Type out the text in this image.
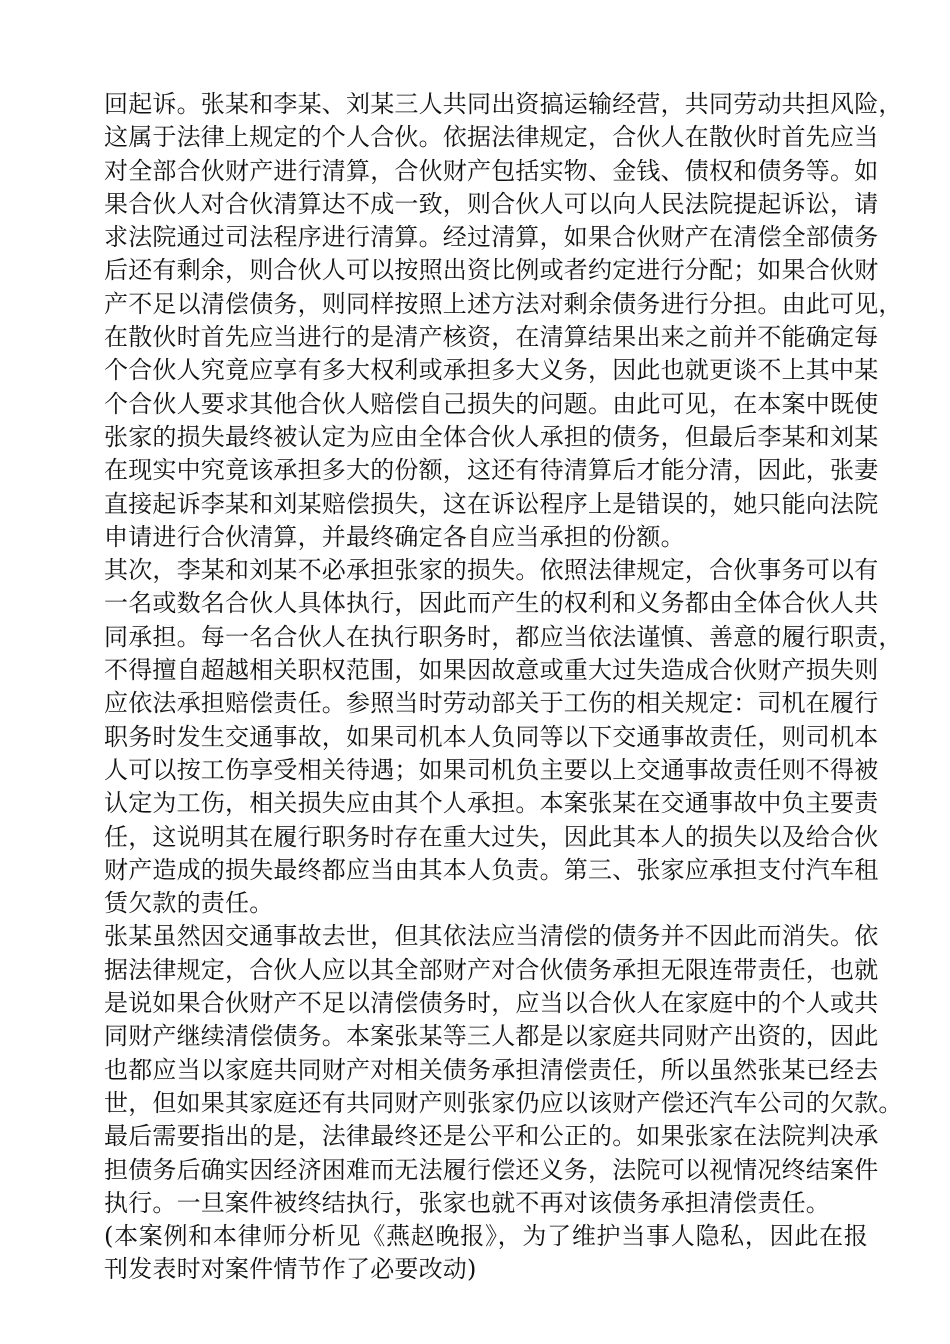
回起诉。张某和李某、刘某三人共同出资搞运输经营，共同劳动共担风险，
这属于法律上规定的个人合伙。依据法律规定，合伙人在散伙时首先应当
对全部合伙财产进行清算，合伙财产包括实物、金钱、债权和债务等。如
果合伙人对合伙清算达不成一致，则合伙人可以向人民法院提起诉讼，请
求法院通过司法程序进行清算。经过清算，如果合伙财产在清偿全部债务
后还有剩余，则合伙人可以按照出资比例或者约定进行分配；如果合伙财
产不足以清偿债务，则同样按照上述方法对剩余债务进行分担。由此可见，
在散伙时首先应当进行的是清产核资，在清算结果出来之前并不能确定每
个合伙人究竟应享有多大权利或承担多大义务，因此也就更谈不上其中某
个合伙人要求其他合伙人赔偿自己损失的问题。由此可见，在本案中既使
张家的损失最终被认定为应由全体合伙人承担的债务，但最后李某和刘某
在现实中究竟该承担多大的份额，这还有待清算后才能分清，因此，张妻
直接起诉李某和刘某赔偿损失，这在诉讼程序上是错误的，她只能向法院
申请进行合伙清算，并最终确定各自应当承担的份额。
其次，李某和刘某不必承担张家的损失。依照法律规定，合伙事务可以有
一名或数名合伙人具体执行，因此而产生的权利和义务都由全体合伙人共
同承担。每一名合伙人在执行职务时，都应当依法谨慎、善意的履行职责，
不得擅自超越相关职权范围，如果因故意或重大过失造成合伙财产损失则
应依法承担赔偿责任。参照当时劳动部关于工伤的相关规定：司机在履行
职务时发生交通事故，如果司机本人负同等以下交通事故责任，则司机本
人可以按工伤享受相关待遇；如果司机负主要以上交通事故责任则不得被
认定为工伤，相关损失应由其个人承担。本案张某在交通事故中负主要责
任，这说明其在履行职务时存在重大过失，因此其本人的损失以及给合伙
财产造成的损失最终都应当由其本人负责。第三、张家应承担支付汽车租
赁欠款的责任。
张某虽然因交通事故去世，但其依法应当清偿的债务并不因此而消失。依
据法律规定，合伙人应以其全部财产对合伙债务承担无限连带责任，也就
是说如果合伙财产不足以清偿债务时，应当以合伙人在家庭中的个人或共
同财产继续清偿债务。本案张某等三人都是以家庭共同财产出资的，因此
也都应当以家庭共同财产对相关债务承担清偿责任，所以虽然张某已经去
世，但如果其家庭还有共同财产则张家仍应以该财产偿还汽车公司的欠款。
最后需要指出的是，法律最终还是公平和公正的。如果张家在法院判决承
担债务后确实因经济困难而无法履行偿还义务，法院可以视情况终结案件
执行。一旦案件被终结执行，张家也就不再对该债务承担清偿责任。
(本案例和本律师分析见《燕赵晚报》，为了维护当事人隐私，因此在报
刊发表时对案件情节作了必要改动)
